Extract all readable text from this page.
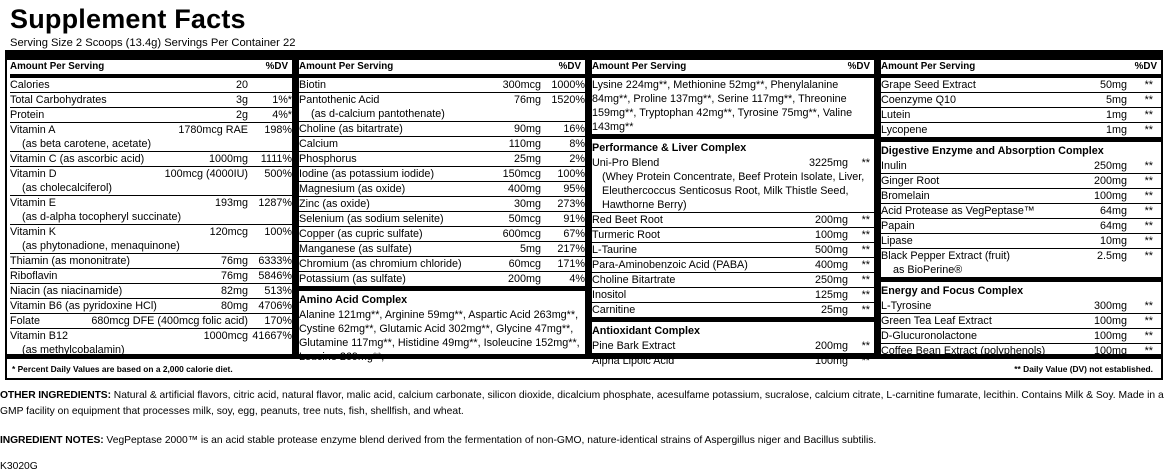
Supplement Facts
Serving Size 2 Scoops (13.4g) Servings Per Container 22
Amount Per Serving	%DV
Calories	20
Total Carbohydrates	3g 1%*
Protein	2g 4%*
Vitamin A	1780mcg RAE 198%
(as beta carotene, acetate)
Vitamin C (as ascorbic acid)	1000mg 1111%
Vitamin D	100mcg (4000IU) 500%
(as cholecalciferol)
Vitamin E	193mg 1287%
(as d-alpha tocopheryl succinate)
Vitamin K	120mcg 100%
(as phytonadione, menaquinone)
Thiamin (as mononitrate)	76mg 6333%
Riboflavin	76mg 5846%
Niacin (as niacinamide)	82mg 513%
Vitamin B6 (as pyridoxine HCl)	80mg 4706%
Folate	680mcg DFE (400mcg folic acid) 170%
Vitamin B12	1000mcg 41667%
(as methylcobalamin)
Amount Per Serving	%DV
Biotin	300mcg 1000%
Pantothenic Acid	76mg 1520%
(as d-calcium pantothenate)
Choline (as bitartrate)	90mg 16%
Calcium	110mg	8%
Phosphorus	25mg	2%
Iodine (as potassium iodide)	150mcg 100%
Magnesium (as oxide)	400mg 95%
Zinc (as oxide)	30mg 273%
Selenium (as sodium selenite)	50mcg 91%
Copper (as cupric sulfate)	600mcg 67%
Manganese (as sulfate)	5mg 217%
Chromium (as chromium chloride)	60mcg 171%
Potassium (as sulfate)	200mg	4%
Amino Acid Complex
Alanine 121mg**, Arginine 59mg**, Aspartic Acid 263mg**, Cystine 62mg**, Glutamic Acid 302mg**, Glycine 47mg**, Glutamine 117mg**, Histidine 49mg**, Isoleucine 152mg**, Leucine 269mg**,
Amount Per Serving	%DV
Lysine 224mg**, Methionine 52mg**, Phenylalanine 84mg**, Proline 137mg**, Serine 117mg**, Threonine 159mg**, Tryptophan 42mg**, Tyrosine 75mg**, Valine 143mg**
Performance & Liver Complex
Uni-Pro Blend	3225mg **
(Whey Protein Concentrate, Beef Protein Isolate, Liver, Eleuthercoccus Senticosus Root, Milk Thistle Seed, Hawthorne Berry)
Red Beet Root	200mg **
Turmeric Root	100mg **
L-Taurine	500mg **
Para-Aminobenzoic Acid (PABA)	400mg **
Choline Bitartrate	250mg **
Inositol	125mg **
Carnitine	25mg **
Antioxidant Complex
Pine Bark Extract	200mg **
Alpha Lipoic Acid	100mg **
Amount Per Serving	%DV
Grape Seed Extract	50mg **
Coenzyme Q10	5mg **
Lutein	1mg **
Lycopene	1mg **
Digestive Enzyme and Absorption Complex
Inulin	250mg **
Ginger Root	200mg **
Bromelain	100mg **
Acid Protease as VegPeptase™	64mg **
Papain	64mg **
Lipase	10mg **
Black Pepper Extract (fruit)	2.5mg **
as BioPerine®
Energy and Focus Complex
L-Tyrosine	300mg **
Green Tea Leaf Extract	100mg **
D-Glucuronolactone	100mg **
Coffee Bean Extract (polyphenols)	100mg **
* Percent Daily Values are based on a 2,000 calorie diet.	** Daily Value (DV) not established.
OTHER INGREDIENTS: Natural & artificial flavors, citric acid, natural flavor, malic acid, calcium carbonate, silicon dioxide, dicalcium phosphate, acesulfame potassium, sucralose, calcium citrate, L-carnitine fumarate, lecithin. Contains Milk & Soy. Made in a GMP facility on equipment that processes milk, soy, egg, peanuts, tree nuts, fish, shellfish, and wheat.
INGREDIENT NOTES: VegPeptase 2000™ is an acid stable protease enzyme blend derived from the fermentation of non-GMO, nature-identical strains of Aspergillus niger and Bacillus subtilis.
K3020G
